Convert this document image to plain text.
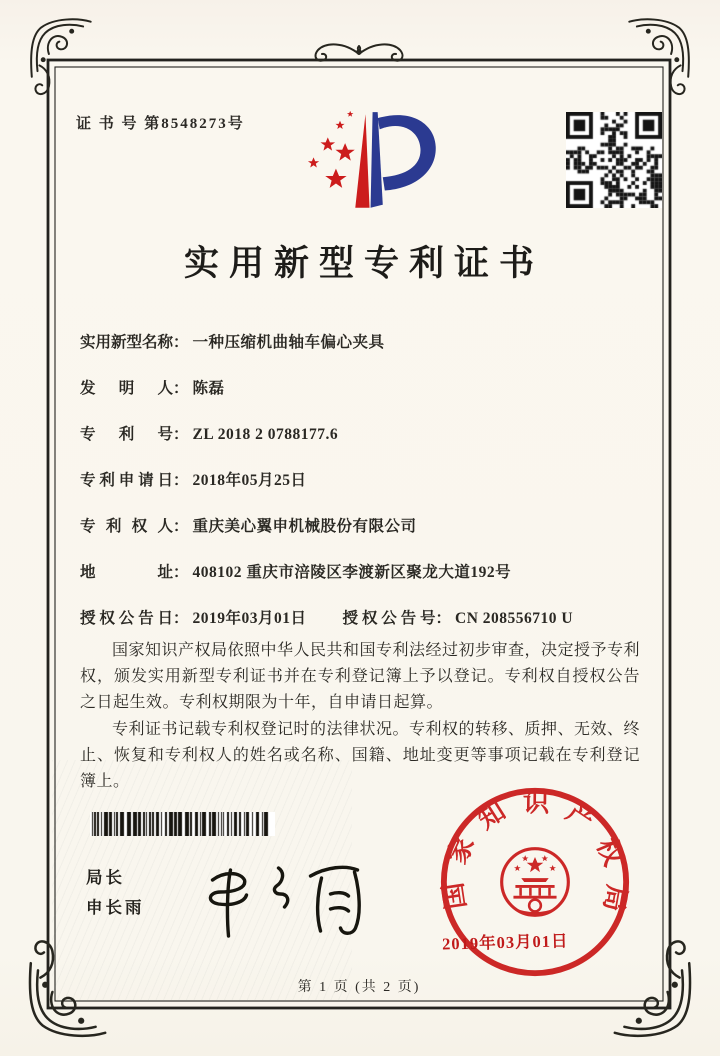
证 书 号 第8548273号
实用新型专利证书
实用新型名称： 一种压缩机曲轴车偏心夹具
发明人： 陈磊
专利号： ZL 2018 2 0788177.6
专利申请日： 2018年05月25日
专利权人： 重庆美心翼申机械股份有限公司
地址： 408102 重庆市涪陵区李渡新区聚龙大道192号
授权公告日： 2019年03月01日 授权公告号： CN 208556710 U

国家知识产权局依照中华人民共和国专利法经过初步审查，决定授予专利权，颁发实用新型专利证书并在专利登记簿上予以登记。专利权自授权公告之日起生效。专利权期限为十年，自申请日起算。

专利证书记载专利权登记时的法律状况。专利权的转移、质押、无效、终止、恢复和专利权人的姓名或名称、国籍、地址变更等事项记载在专利登记簿上。

局长
申长雨	国家知识产权局
2019年03月01日
第 1 页 (共 2 页)
